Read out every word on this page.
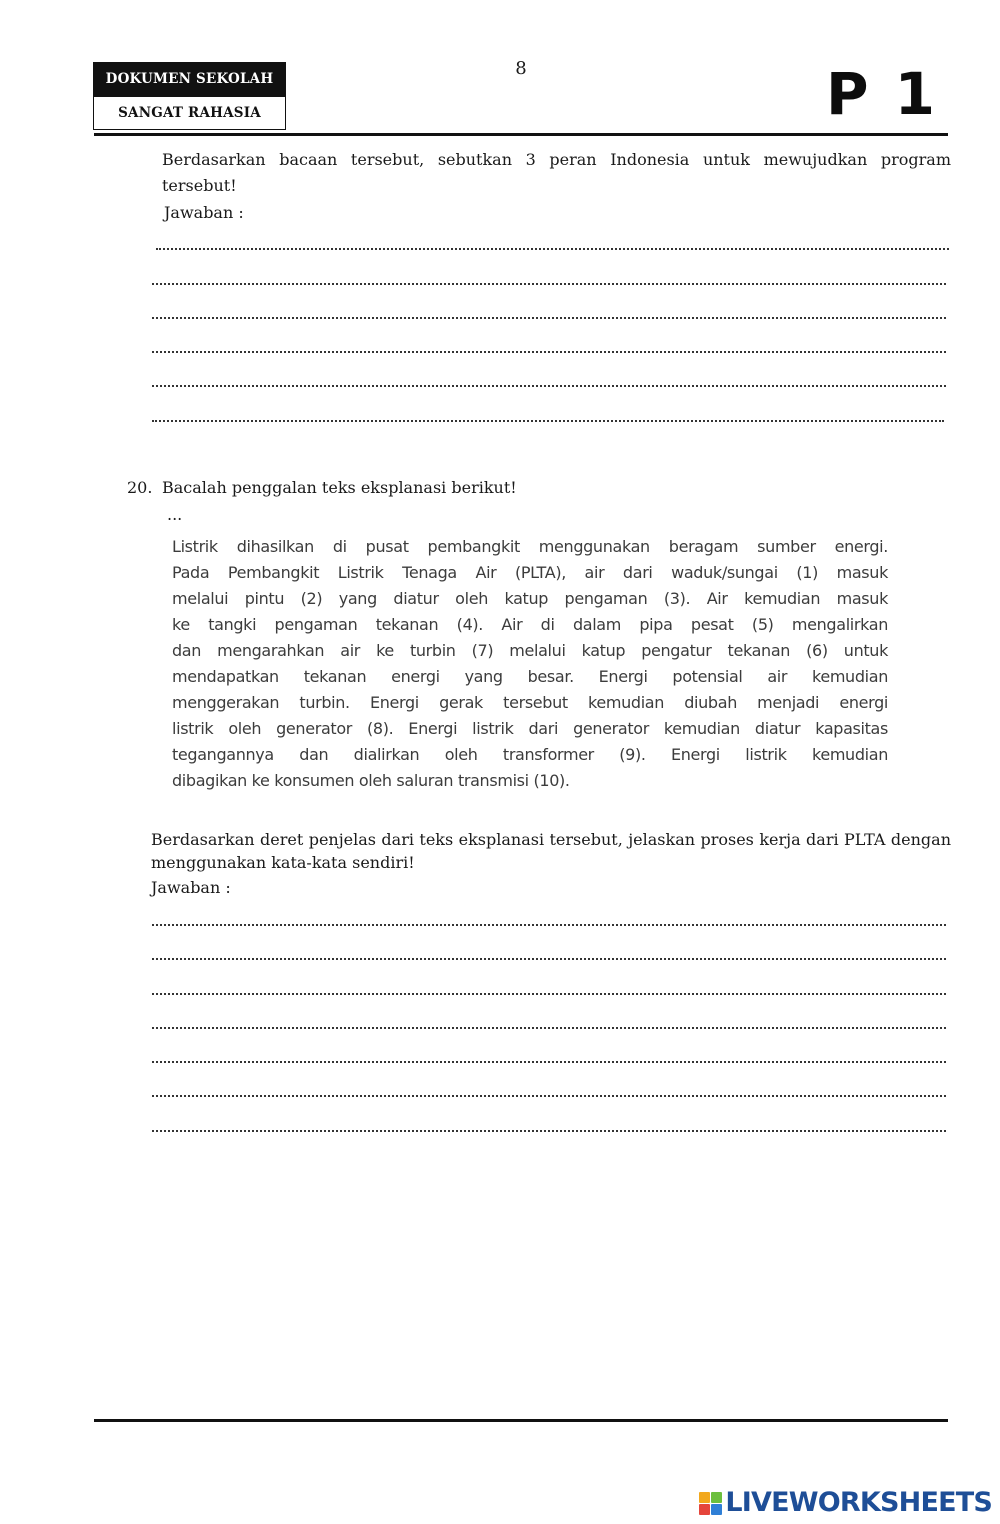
DOKUMEN SEKOLAH
SANGAT RAHASIA
8	P 1
Berdasarkan bacaan tersebut, sebutkan 3 peran Indonesia untuk mewujudkan program tersebut!
Jawaban :
20. Bacalah penggalan teks eksplanasi berikut!
...
Listrik dihasilkan di pusat pembangkit menggunakan beragam sumber energi.
Pada Pembangkit Listrik Tenaga Air (PLTA), air dari waduk/sungai (1) masuk
melalui pintu (2) yang diatur oleh katup pengaman (3). Air kemudian masuk
ke tangki pengaman tekanan (4). Air di dalam pipa pesat (5) mengalirkan
dan mengarahkan air ke turbin (7) melalui katup pengatur tekanan (6) untuk
mendapatkan tekanan energi yang besar. Energi potensial air kemudian
menggerakan turbin. Energi gerak tersebut kemudian diubah menjadi energi
listrik oleh generator (8). Energi listrik dari generator kemudian diatur kapasitas
tegangannya dan dialirkan oleh transformer (9). Energi listrik kemudian
dibagikan ke konsumen oleh saluran transmisi (10).
Berdasarkan deret penjelas dari teks eksplanasi tersebut, jelaskan proses kerja dari PLTA dengan menggunakan kata-kata sendiri!
Jawaban :
LIVEWORKSHEETS
